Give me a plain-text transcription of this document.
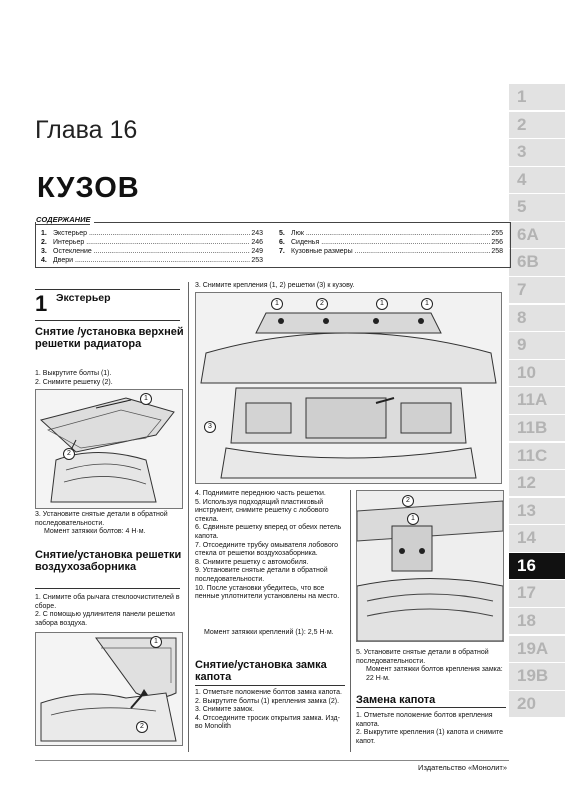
1
2
3
4
5
6A
6B
7
8
9
10
11A
11B
11C
12
13
14
16
17
18
19A
19B
20
Глава 16
КУЗОВ
СОДЕРЖАНИЕ
1. Экстерьер .....	243
2. Интерьер .....	246
3. Остекление .....	249
4. Двери .....	253
5. Люк .....	255
6. Сиденья .....	256
7. Кузовные размеры .....	258
1 Экстерьер
Снятие /установка верхней решетки радиатора
1. Выкрутите болты (1).
2. Снимите решетку (2).
1
2
3. Установите снятые детали в обратной последовательности.
Момент затяжки болтов: 4 Н·м.
Снятие/установка решетки воздухозаборника
1. Снимите оба рычага стеклоочистителей в сборе.
2. С помощью удлинителя панели решетки забора воздуха.
1
2
3. Снимите крепления (1, 2) решетки (3) к кузову.
1	2	1	1
3
4. Поднимите переднюю часть решетки.
5. Используя подходящий пластиковый инструмент, снимите решетку с лобового стекла.
6. Сдвиньте решетку вперед от обеих петель капота.
7. Отсоедините трубку омывателя лобового стекла от решетки воздухозаборника.
8. Снимите решетку с автомобиля.
9. Установите снятые детали в обратной последовательности.
10. После установки убедитесь, что все пенные уплотнители установлены на место.
Момент затяжки креплений (1): 2,5 Н·м.
Снятие/установка замка капота
1. Отметьте положение болтов замка капота.
2. Выкрутите болты (1) крепления замка (2).
3. Снимите замок.
4. Отсоедините тросик открытия замка. Изд-во Monolith
2
1
5. Установите снятые детали в обратной последовательности.
Момент затяжки болтов крепления замка: 22 Н·м.
Замена капота
1. Отметьте положение болтов крепления капота.
2. Выкрутите крепления (1) капота и снимите капот.
Издательство «Монолит»
